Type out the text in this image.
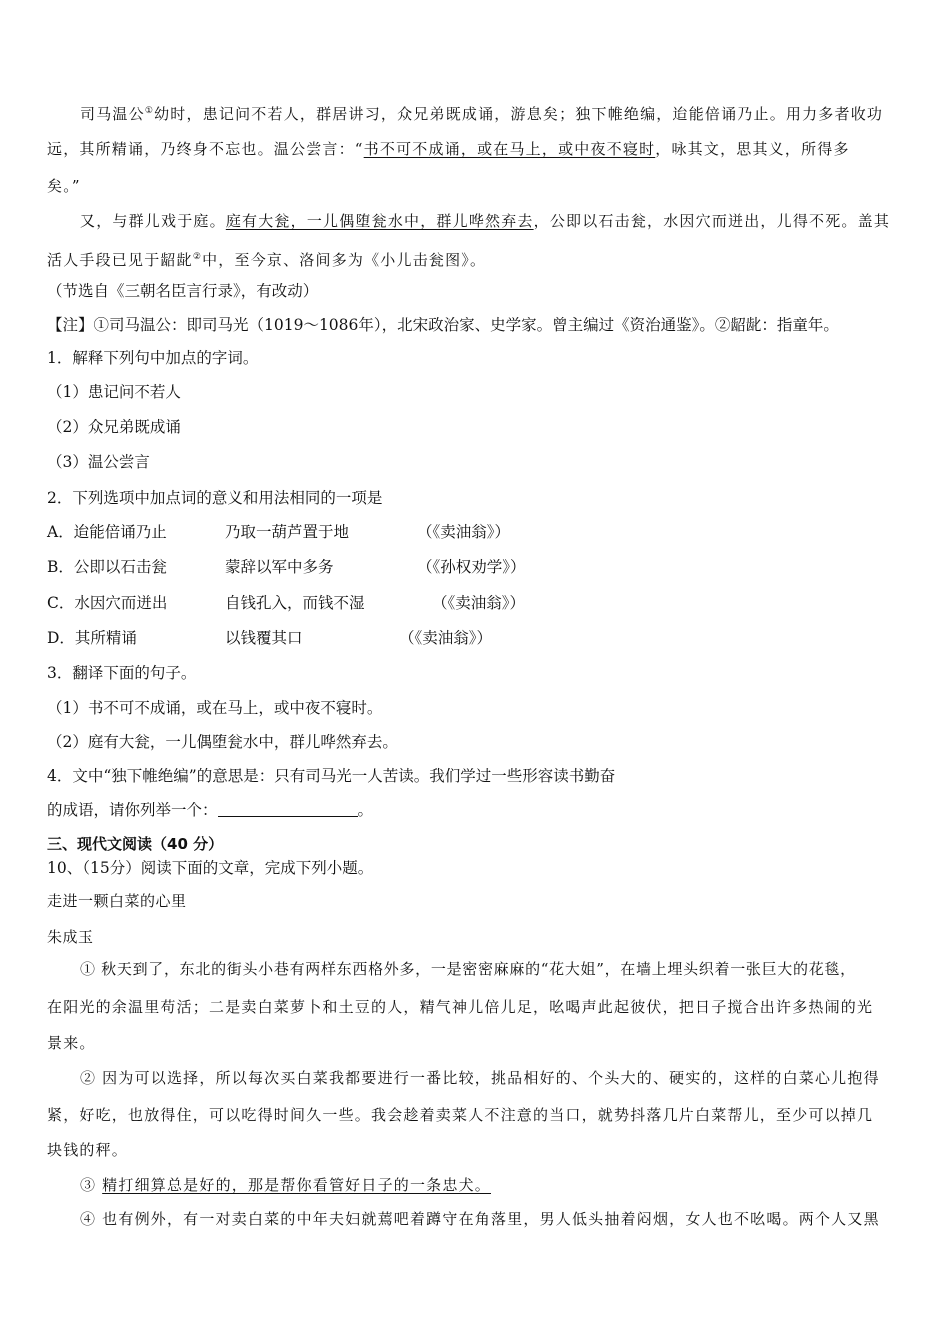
司马温公①幼时，患记问不若人，群居讲习，众兄弟既成诵，游息矣；独下帷绝编，迨能倍诵乃止。用力多者收功
远，其所精诵，乃终身不忘也。温公尝言：“书不可不成诵，或在马上，或中夜不寝时，咏其文，思其义，所得多
矣。”
又，与群儿戏于庭。庭有大瓮，一儿偶堕瓮水中，群儿哗然弃去，公即以石击瓮，水因穴而迸出，儿得不死。盖其
活人手段已见于龆龀②中，至今京、洛间多为《小儿击瓮图》。
（节选自《三朝名臣言行录》，有改动）
【注】①司马温公：即司马光（1019～1086年），北宋政治家、史学家。曾主编过《资治通鉴》。②龆龀：指童年。
1．解释下列句中加点的字词。
（1）患记问不若人
（2）众兄弟既成诵
（3）温公尝言
2．下列选项中加点词的意义和用法相同的一项是
A．迨能倍诵乃止	乃取一葫芦置于地	（《卖油翁》）
B．公即以石击瓮	蒙辞以军中多务	（《孙权劝学》）
C．水因穴而迸出	自钱孔入，而钱不湿	（《卖油翁》）
D．其所精诵	以钱覆其口	（《卖油翁》）
3．翻译下面的句子。
（1）书不可不成诵，或在马上，或中夜不寝时。
（2）庭有大瓮，一儿偶堕瓮水中，群儿哗然弃去。
4．文中“独下帷绝编”的意思是：只有司马光一人苦读。我们学过一些形容读书勤奋
的成语，请你列举一个：	。
三、现代文阅读（40 分）
10、（15分）阅读下面的文章，完成下列小题。
走进一颗白菜的心里
朱成玉
① 秋天到了，东北的街头小巷有两样东西格外多，一是密密麻麻的“花大姐”，在墙上埋头织着一张巨大的花毯，
在阳光的余温里苟活；二是卖白菜萝卜和土豆的人，精气神儿倍儿足，吆喝声此起彼伏，把日子搅合出许多热闹的光
景来。
② 因为可以选择，所以每次买白菜我都要进行一番比较，挑品相好的、个头大的、硬实的，这样的白菜心儿抱得
紧，好吃，也放得住，可以吃得时间久一些。我会趁着卖菜人不注意的当口，就势抖落几片白菜帮儿，至少可以掉几
块钱的秤。
③ 精打细算总是好的，那是帮你看管好日子的一条忠犬。
④ 也有例外，有一对卖白菜的中年夫妇就蔫吧着蹲守在角落里，男人低头抽着闷烟，女人也不吆喝。两个人又黑
